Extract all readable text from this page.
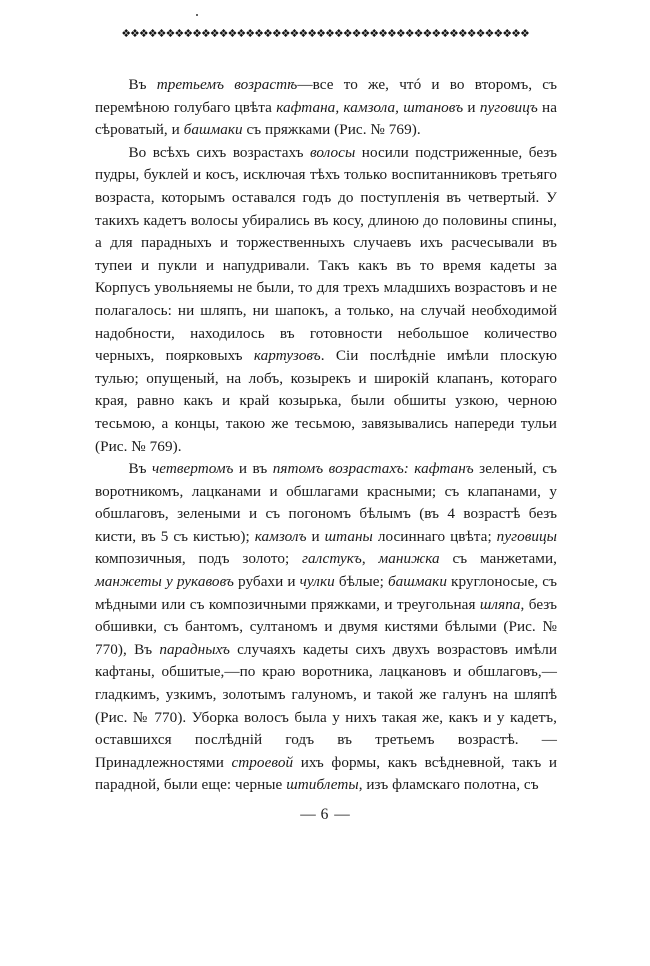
❖❖❖❖❖❖❖❖❖❖❖❖❖❖❖❖❖❖❖❖❖❖❖❖❖❖❖❖❖❖❖❖❖❖❖❖❖❖❖❖❖❖❖❖❖❖

Въ третьемъ возрастѣ—все то же, чтó и во второмъ, съ перемѣною голубаго цвѣта кафтана, камзола, штановъ и пуговицъ на сѣроватый, и башмаки съ пряжками (Рис. № 769).

Во всѣхъ сихъ возрастахъ волосы носили подстриженные, безъ пудры, буклей и косъ, исключая тѣхъ только воспитанниковъ третьяго возраста, которымъ оставался годъ до поступленія въ четвертый. У такихъ кадетъ волосы убирались въ косу, длиною до половины спины, а для парадныхъ и торжественныхъ случаевъ ихъ расчесывали въ тупеи и пукли и напудривали. Такъ какъ въ то время кадеты за Корпусъ увольняемы не были, то для трехъ младшихъ возрастовъ и не полагалось: ни шляпъ, ни шапокъ, а только, на случай необходимой надобности, находилось въ готовности небольшое количество черныхъ, поярковыхъ картузовъ. Сіи послѣдніе имѣли плоскую тулью; опущеный, на лобъ, козырекъ и широкій клапанъ, котораго края, равно какъ и край козырька, были обшиты узкою, черною тесьмою, а концы, такою же тесьмою, завязывались напереди тульи (Рис. № 769).

Въ четвертомъ и въ пятомъ возрастахъ: кафтанъ зеленый, съ воротникомъ, лацканами и обшлагами красными; съ клапанами, у обшлаговъ, зелеными и съ погономъ бѣлымъ (въ 4 возрастѣ безъ кисти, въ 5 съ кистью); камзолъ и штаны лосиннаго цвѣта; пуговицы композичныя, подъ золото; галстукъ, манижка съ манжетами, манжеты у рукавовъ рубахи и чулки бѣлые; башмаки круглоносые, съ мѣдными или съ композичными пряжками, и треугольная шляпа, безъ обшивки, съ бантомъ, султаномъ и двумя кистями бѣлыми (Рис. № 770), Въ парадныхъ случаяхъ кадеты сихъ двухъ возрастовъ имѣли кафтаны, обшитые,—по краю воротника, лацкановъ и обшлаговъ,—гладкимъ, узкимъ, золотымъ галуномъ, и такой же галунъ на шляпѣ (Рис. № 770). Уборка волосъ была у нихъ такая же, какъ и у кадетъ, оставшихся послѣдній годъ въ третьемъ возрастѣ. — Принадлежностями строевой ихъ формы, какъ всѣдневной, такъ и парадной, были еще: черные штиблеты, изъ фламскаго полотна, съ

— 6 —
